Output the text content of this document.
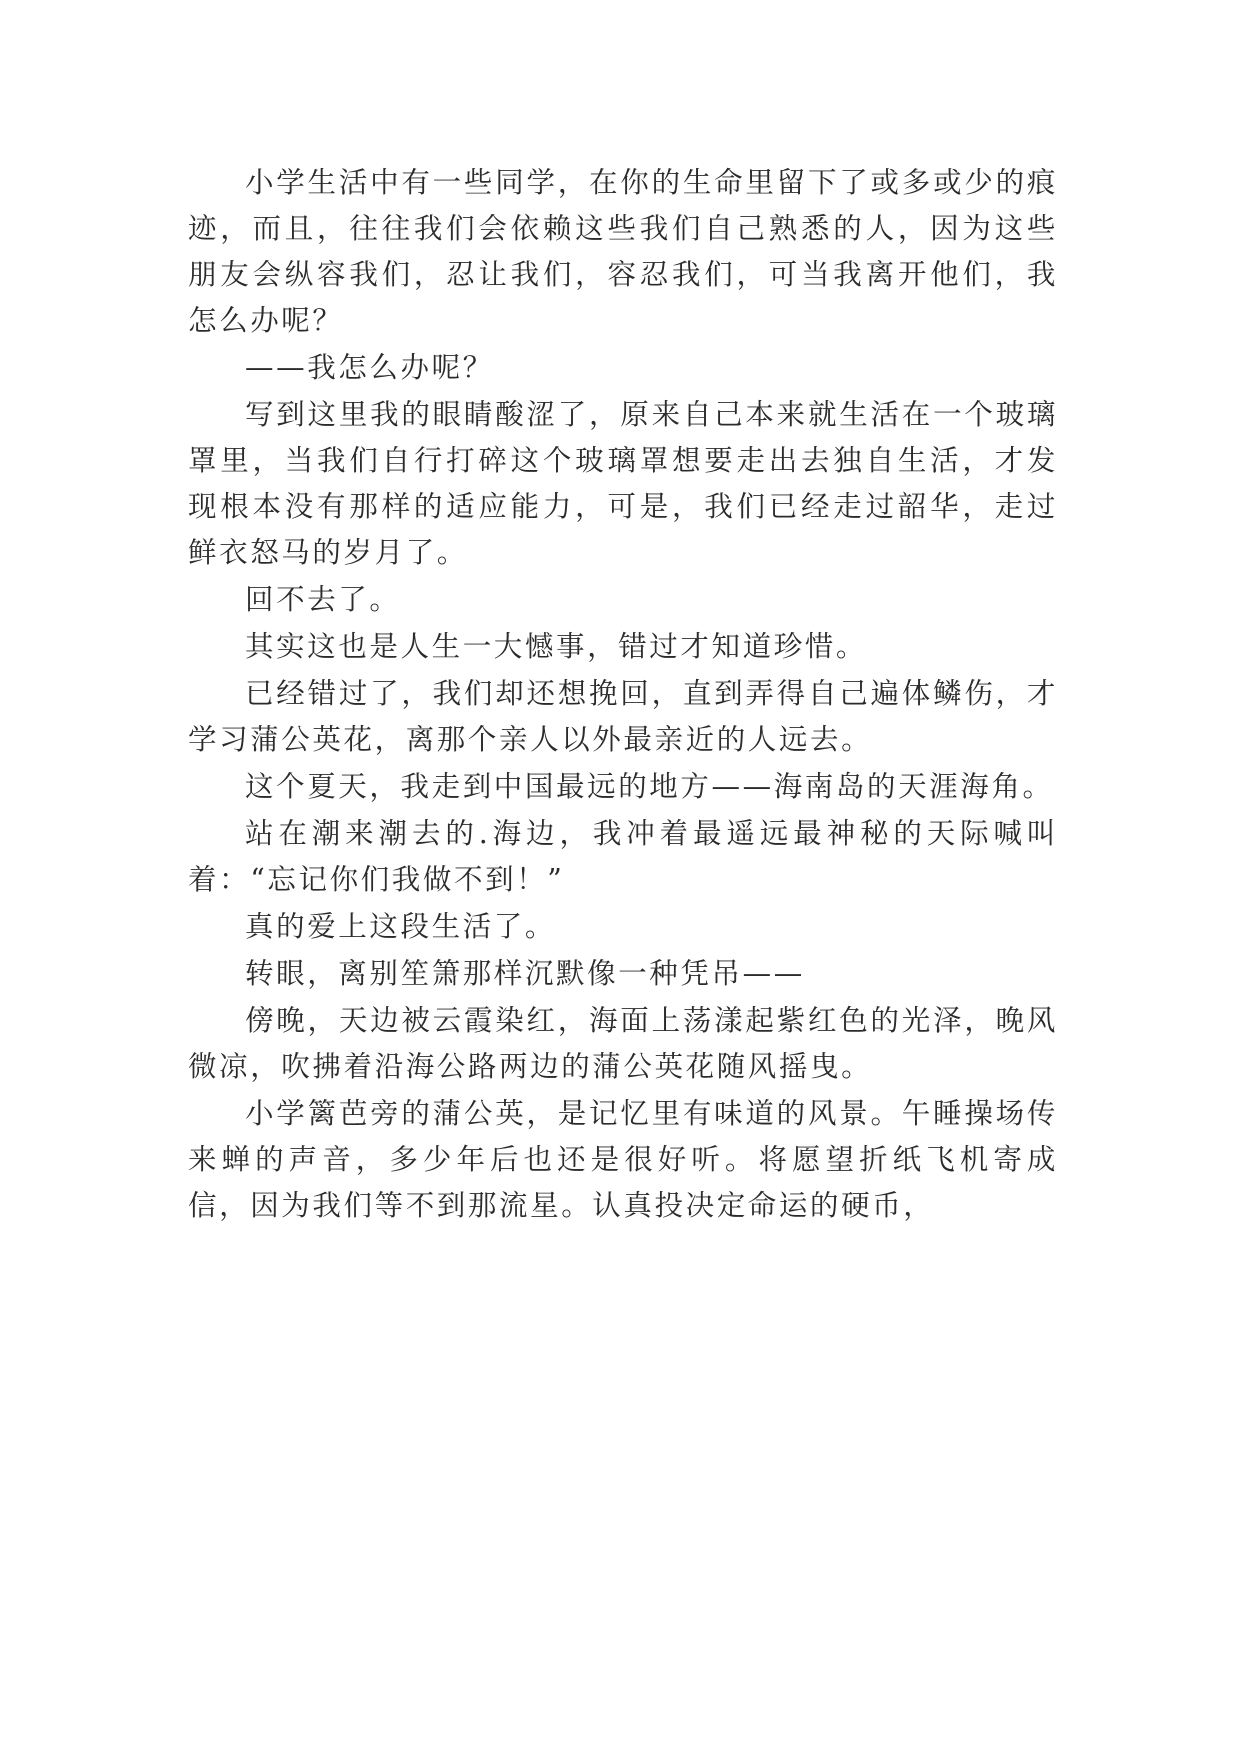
小学生活中有一些同学，在你的生命里留下了或多或少的痕迹，而且，往往我们会依赖这些我们自己熟悉的人，因为这些朋友会纵容我们，忍让我们，容忍我们，可当我离开他们，我怎么办呢？

——我怎么办呢？

写到这里我的眼睛酸涩了，原来自己本来就生活在一个玻璃罩里，当我们自行打碎这个玻璃罩想要走出去独自生活，才发现根本没有那样的适应能力，可是，我们已经走过韶华，走过鲜衣怒马的岁月了。

回不去了。

其实这也是人生一大憾事，错过才知道珍惜。

已经错过了，我们却还想挽回，直到弄得自己遍体鳞伤，才学习蒲公英花，离那个亲人以外最亲近的人远去。

这个夏天，我走到中国最远的地方——海南岛的天涯海角。

站在潮来潮去的.海边，我冲着最遥远最神秘的天际喊叫着：“忘记你们我做不到！”

真的爱上这段生活了。

转眼，离别笙箫那样沉默像一种凭吊——

傍晚，天边被云霞染红，海面上荡漾起紫红色的光泽，晚风微凉，吹拂着沿海公路两边的蒲公英花随风摇曳。

小学篱芭旁的蒲公英，是记忆里有味道的风景。午睡操场传来蝉的声音，多少年后也还是很好听。将愿望折纸飞机寄成信，因为我们等不到那流星。认真投决定命运的硬币，
